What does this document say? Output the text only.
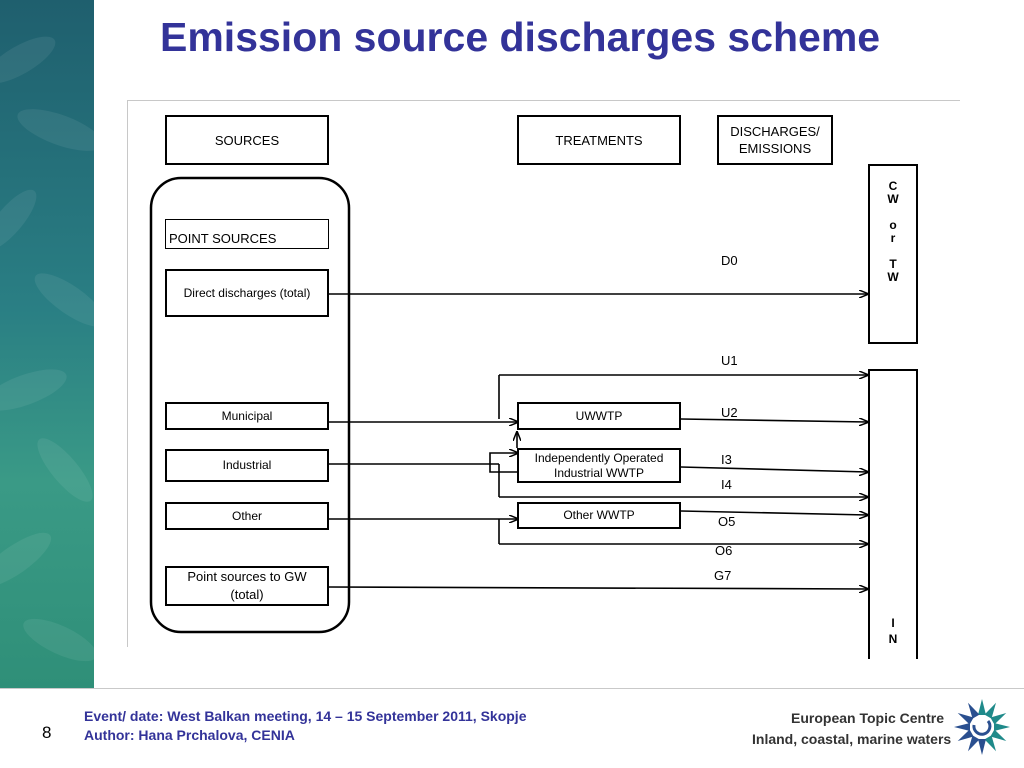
Emission source discharges scheme
SOURCES	TREATMENTS
DISCHARGES/
EMISSIONS
POINT SOURCES
Direct discharges (total)
Municipal
Industrial
Other
Point sources to GW
(total)
UWWTP
Independently Operated
Industrial WWTP
Other WWTP
D0
U1
U2
I3
I4
O5
O6
G7
C
W
o
r
T
W
I
N
8
Event/ date: West Balkan meeting, 14 – 15 September 2011, Skopje
Author: Hana Prchalova, CENIA
European Topic Centre
Inland, coastal, marine waters
